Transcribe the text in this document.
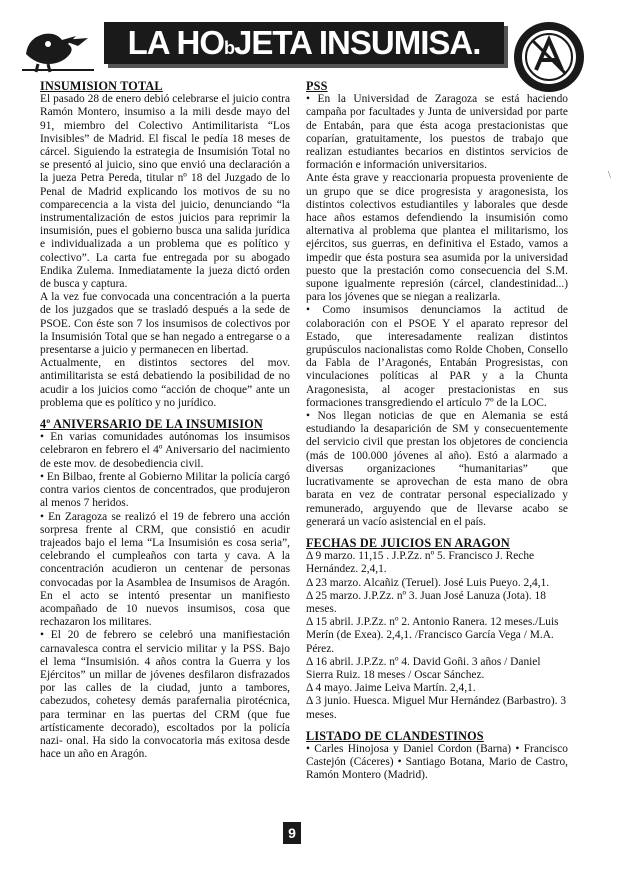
LA HObJETA INSUMISA.

INSUMISION TOTAL

El pasado 28 de enero debió celebrarse el juicio contra Ramón Montero, insumiso a la mili desde mayo del 91, miembro del Colectivo Antimilitarista “Los Invisibles” de Madrid. El fiscal le pedía 18 meses de cárcel. Siguiendo la estrategia de Insumisión Total no se presentó al juicio, sino que envió una declaración a la jueza Petra Pereda, titular nº 18 del Juzgado de lo Penal de Madrid explicando los motivos de su no comparecencia a la vista del juicio, denunciando “la instrumentalización de estos juicios para reprimir la insumisión, pues el gobierno busca una salida jurídica e individualizada a un problema que es político y colectivo”. La carta fue entregada por su abogado Endika Zulema. Inmediatamente la jueza dictó orden de busca y captura.

A la vez fue convocada una concentración a la puerta de los juzgados que se trasladó después a la sede de PSOE. Con éste son 7 los insumisos de colectivos por la Insumisión Total que se han negado a entregarse o a presentarse a juicio y permanecen en libertad.

Actualmente, en distintos sectores del mov. antimilitarista se está debatiendo la posibilidad de no acudir a los juicios como “acción de choque” ante un problema que es político y no jurídico.

4º ANIVERSARIO DE LA INSUMISION

• En varias comunidades autónomas los insumisos celebraron en febrero el 4º Aniversario del nacimiento de este mov. de desobediencia civil.

• En Bilbao, frente al Gobierno Militar la policía cargó contra varios cientos de concentrados, que produjeron al menos 7 heridos.

• En Zaragoza se realizó el 19 de febrero una acción sorpresa frente al CRM, que consistió en acudir trajeados bajo el lema “La Insumisión es cosa seria”, celebrando el cumpleaños con tarta y cava. A la concentración acudieron un centenar de personas convocadas por la Asamblea de Insumisos de Aragón. En el acto se intentó presentar un manifiesto acompañado de 10 nuevos insumisos, cosa que rechazaron los militares.

• El 20 de febrero se celebró una manifiestación carnavalesca contra el servicio militar y la PSS. Bajo el lema “Insumisión. 4 años contra la Guerra y los Ejércitos” un millar de jóvenes desfilaron disfrazados por las calles de la ciudad, junto a tambores, cabezudos, cohetesy demás parafernalia pirotécnica, para terminar en las puertas del CRM (que fue artísticamente decorado), escoltados por la policía nazi- onal. Ha sido la convocatoria más exitosa desde hace un año en Aragón.

PSS

• En la Universidad de Zaragoza se está haciendo campaña por facultades y Junta de universidad por parte de Entabán, para que ésta acoga prestacionistas que coparían, gratuitamente, los puestos de trabajo que realizan estudiantes becarios en distintos servicios de formación e información universitarios.

Ante ésta grave y reaccionaria propuesta proveniente de un grupo que se dice progresista y aragonesista, los distintos colectivos estudiantiles y laborales que desde hace años estamos defendiendo la insumisión como alternativa al problema que plantea el militarismo, los ejércitos, sus guerras, en definitiva el Estado, vamos a impedir que ésta postura sea asumida por la universidad puesto que la prestación como consecuencia del S.M. supone igualmente represión (cárcel, clandestinidad...) para los jóvenes que se niegan a realizarla.

• Como insumisos denunciamos la actitud de colaboración con el PSOE Y el aparato represor del Estado, que interesadamente realizan distintos grupúsculos nacionalistas como Rolde Choben, Consello da Fabla de l’Aragonés, Entabán Progresistas, con vinculaciones políticas al PAR y a la Chunta Aragonesista, al acoger prestacionistas en sus formaciones transgrediendo el artículo 7º de la LOC.

• Nos llegan noticias de que en Alemania se está estudiando la desaparición de SM y consecuentemente del servicio civil que prestan los objetores de conciencia (más de 100.000 jóvenes al año). Estó a alarmado a diversas organizaciones “humanitarias” que lucrativamente se aprovechan de esta mano de obra barata en vez de contratar personal especializado y remunerado, arguyendo que de llevarse acabo se generará un vacío asistencial en el país.

FECHAS DE JUICIOS EN ARAGON

Δ 9 marzo. 11,15 . J.P.Zz. nº 5. Francisco J. Reche Hernández. 2,4,1.

Δ 23 marzo. Alcañiz (Teruel). José Luis Pueyo. 2,4,1.

Δ 25 marzo. J.P.Zz. nº 3. Juan José Lanuza (Jota). 18 meses.

Δ 15 abril. J.P.Zz. nº 2. Antonio Ranera. 12 meses./Luis Merín (de Exea). 2,4,1. /Francisco García Vega / M.A. Pérez.

Δ 16 abril. J.P.Zz. nº 4. David Goñi. 3 años / Daniel Sierra Ruiz. 18 meses / Oscar Sánchez.

Δ 4 mayo. Jaime Leiva Martín. 2,4,1.

Δ 3 junio. Huesca. Miguel Mur Hernández (Barbastro). 3 meses.

LISTADO DE CLANDESTINOS

• Carles Hinojosa y Daniel Cordon (Barna) • Francisco Castejón (Cáceres) • Santiago Botana, Mario de Castro, Ramón Montero (Madrid).

\
9
